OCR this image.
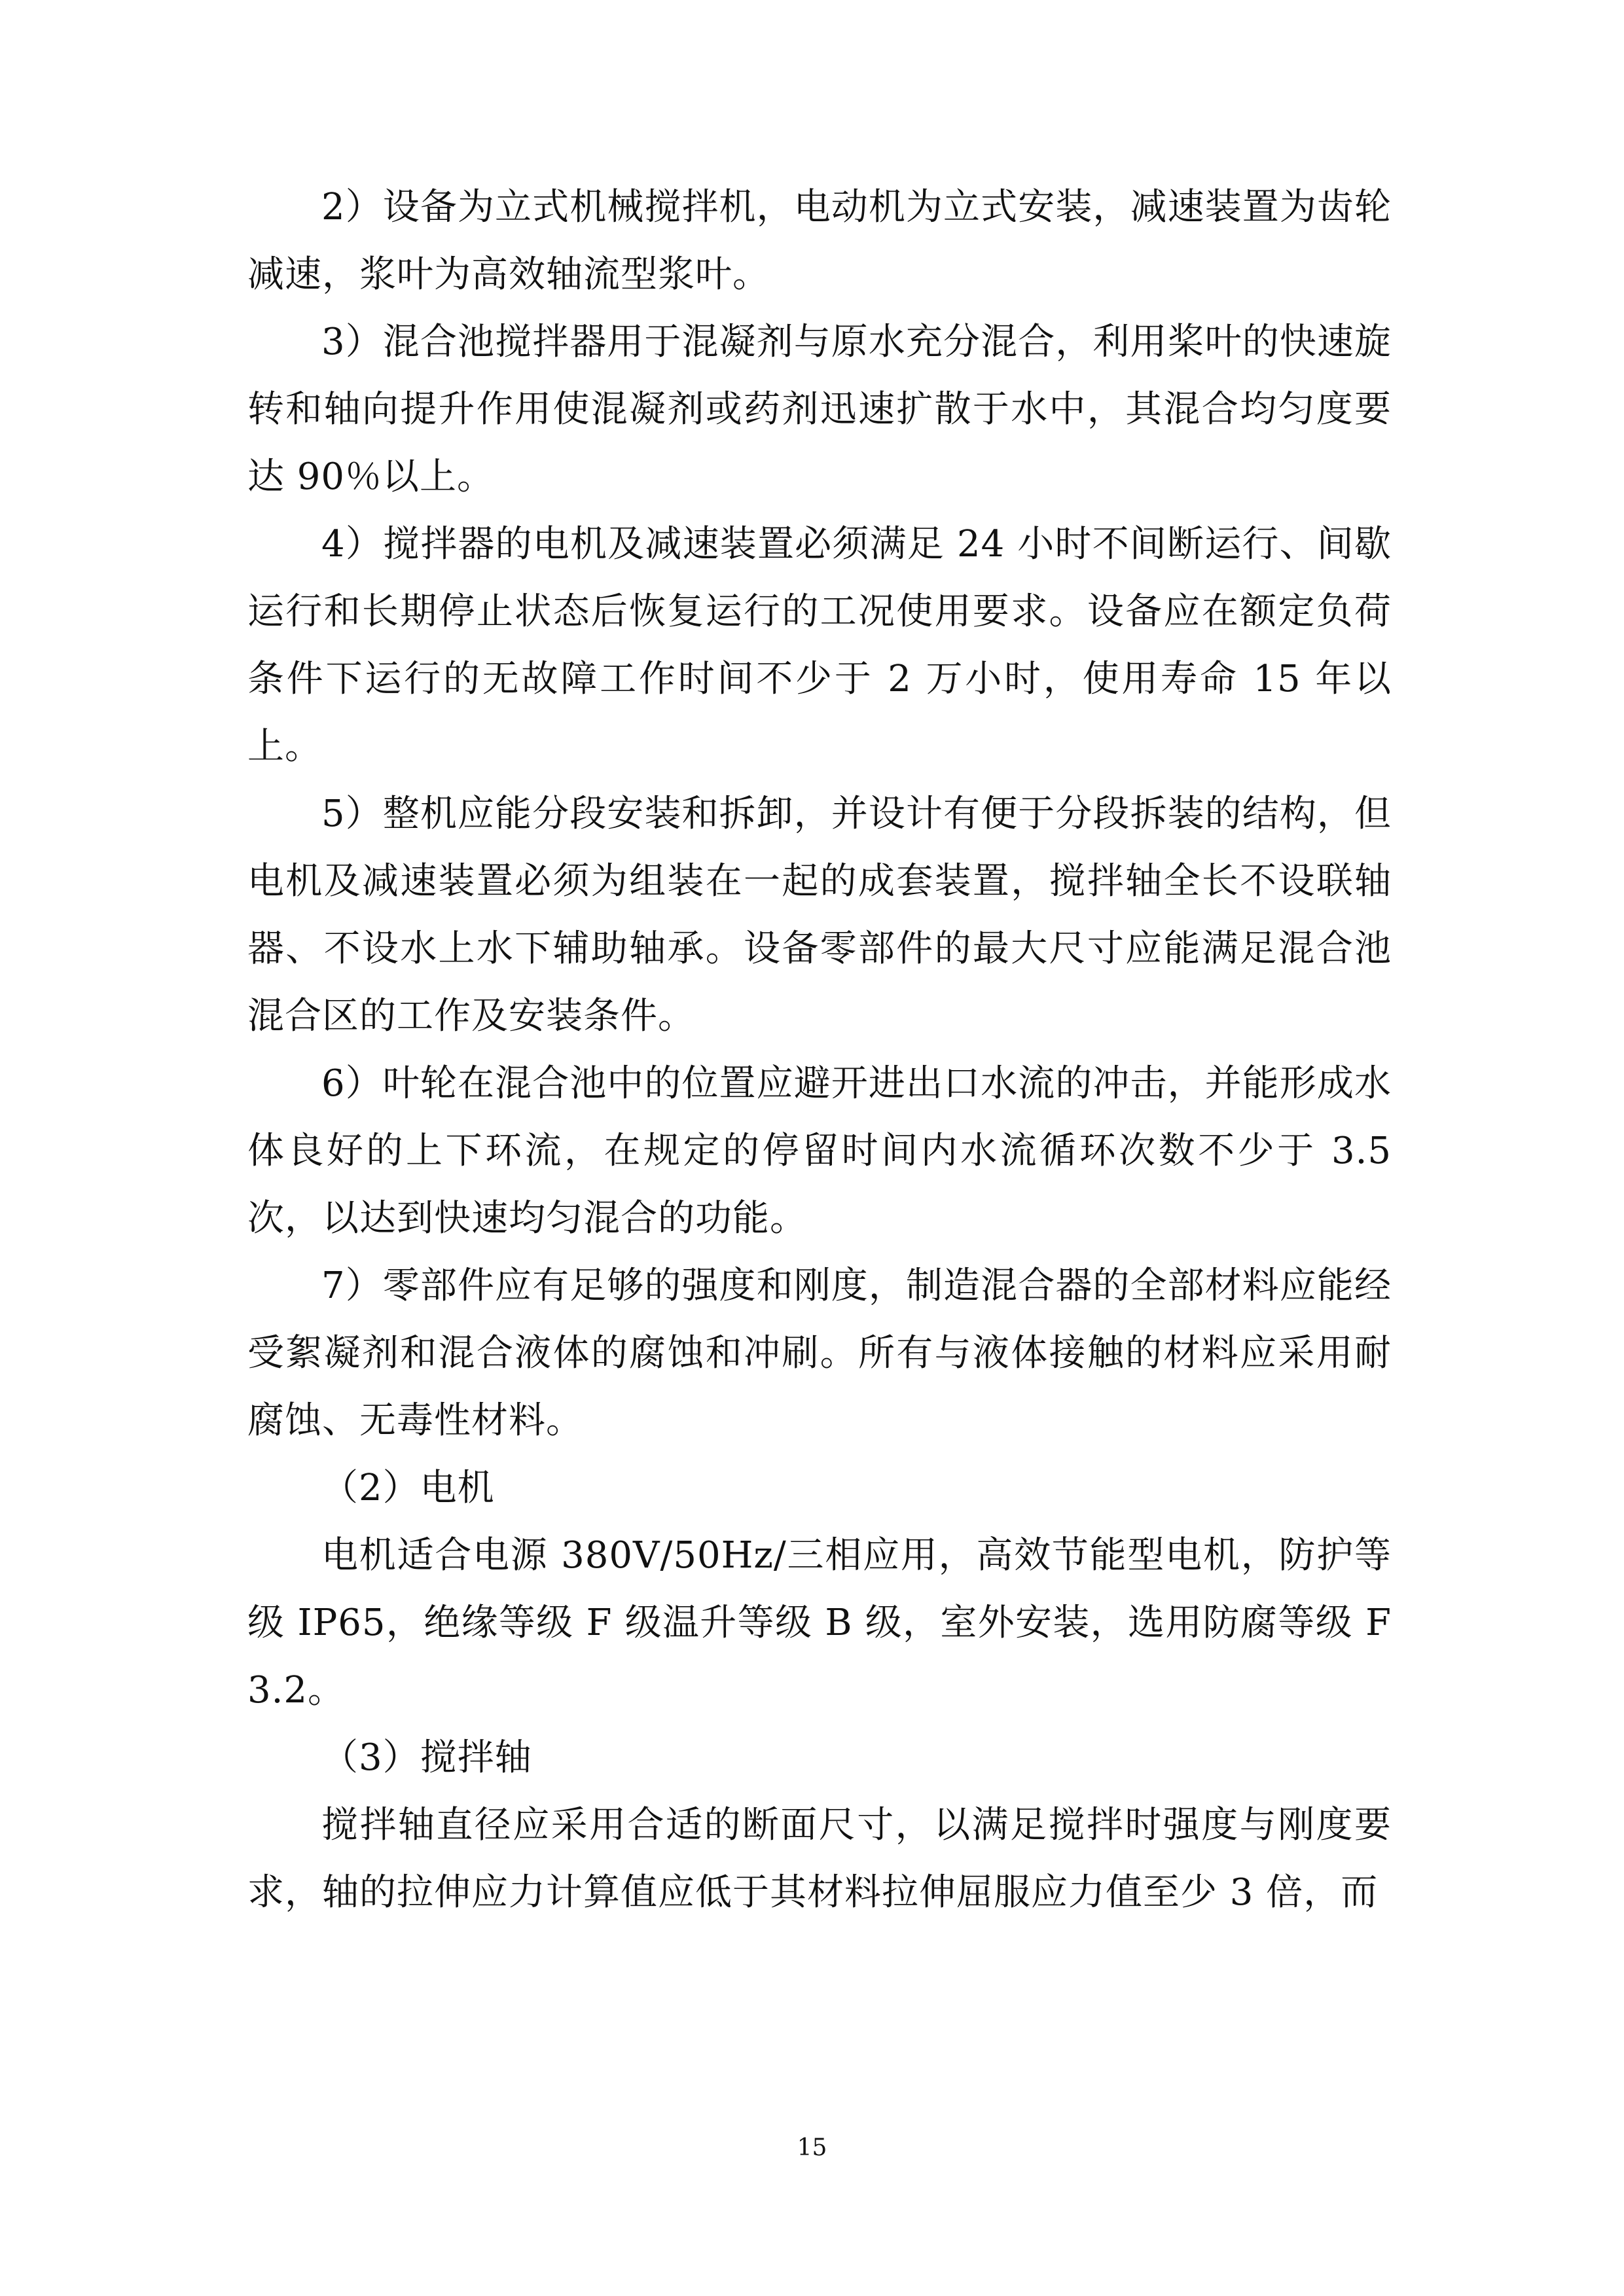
2）设备为立式机械搅拌机，电动机为立式安装，减速装置为齿轮减速，浆叶为高效轴流型浆叶。

3）混合池搅拌器用于混凝剂与原水充分混合，利用桨叶的快速旋转和轴向提升作用使混凝剂或药剂迅速扩散于水中，其混合均匀度要达 90％以上。

4）搅拌器的电机及减速装置必须满足 24 小时不间断运行、间歇运行和长期停止状态后恢复运行的工况使用要求。设备应在额定负荷条件下运行的无故障工作时间不少于 2 万小时，使用寿命 15 年以上。

5）整机应能分段安装和拆卸，并设计有便于分段拆装的结构，但电机及减速装置必须为组装在一起的成套装置，搅拌轴全长不设联轴器、不设水上水下辅助轴承。设备零部件的最大尺寸应能满足混合池混合区的工作及安装条件。

6）叶轮在混合池中的位置应避开进出口水流的冲击，并能形成水体良好的上下环流，在规定的停留时间内水流循环次数不少于 3.5 次，以达到快速均匀混合的功能。

7）零部件应有足够的强度和刚度，制造混合器的全部材料应能经受絮凝剂和混合液体的腐蚀和冲刷。所有与液体接触的材料应采用耐腐蚀、无毒性材料。

（2）电机

电机适合电源 380V/50Hz/三相应用，高效节能型电机，防护等级 IP65，绝缘等级 F 级温升等级 B 级，室外安装，选用防腐等级 F3.2。

（3）搅拌轴

搅拌轴直径应采用合适的断面尺寸，以满足搅拌时强度与刚度要求，轴的拉伸应力计算值应低于其材料拉伸屈服应力值至少 3 倍，而

15
